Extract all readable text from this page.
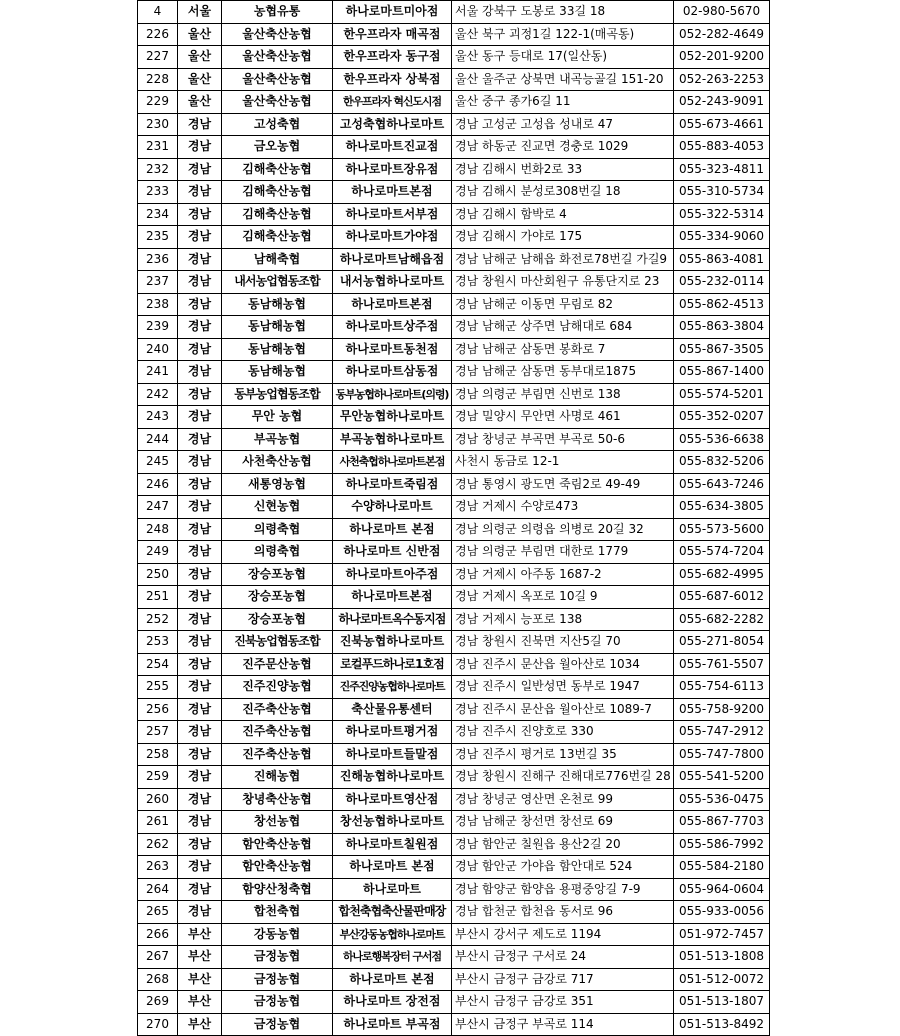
4	서울	농협유통	하나로마트미아점	서울 강북구 도봉로 33길 18	02-980-5670
226	울산	울산축산농협	한우프라자 매곡점	울산 북구 괴정1길 122-1(매곡동)	052-282-4649
227	울산	울산축산농협	한우프라자 동구점	울산 동구 등대로 17(일산동)	052-201-9200
228	울산	울산축산농협	한우프라자 상북점	울산 울주군 상북면 내곡능골길 151-20	052-263-2253
229	울산	울산축산농협	한우프라자 혁신도시점	울산 중구 종가6길 11	052-243-9091
230	경남	고성축협	고성축협하나로마트	경남 고성군 고성읍 성내로 47	055-673-4661
231	경남	금오농협	하나로마트진교점	경남 하동군 진교면 경충로 1029	055-883-4053
232	경남	김해축산농협	하나로마트장유점	경남 김해시 번화2로 33	055-323-4811
233	경남	김해축산농협	하나로마트본점	경남 김해시 분성로308번길 18	055-310-5734
234	경남	김해축산농협	하나로마트서부점	경남 김해시 함박로 4	055-322-5314
235	경남	김해축산농협	하나로마트가야점	경남 김해시 가야로 175	055-334-9060
236	경남	남해축협	하나로마트남해읍점	경남 남해군 남해읍 화전로78번길 가길9	055-863-4081
237	경남	내서농업협동조합	내서농협하나로마트	경남 창원시 마산회원구 유통단지로 23	055-232-0114
238	경남	동남해농협	하나로마트본점	경남 남해군 이동면 무림로 82	055-862-4513
239	경남	동남해농협	하나로마트상주점	경남 남해군 상주면 남해대로 684	055-863-3804
240	경남	동남해농협	하나로마트동천점	경남 남해군 삼동면 봉화로 7	055-867-3505
241	경남	동남해농협	하나로마트삼동점	경남 남해군 삼동면 동부대로1875	055-867-1400
242	경남	동부농업협동조합	동부농협하나로마트(의령)	경남 의령군 부림면 신번로 138	055-574-5201
243	경남	무안 농협	무안농협하나로마트	경남 밀양시 무안면 사명로 461	055-352-0207
244	경남	부곡농협	부곡농협하나로마트	경남 창녕군 부곡면 부곡로 50-6	055-536-6638
245	경남	사천축산농협	사천축협하나로마트본점	사천시 동금로 12-1	055-832-5206
246	경남	새통영농협	하나로마트죽림점	경남 통영시 광도면 죽림2로 49-49	055-643-7246
247	경남	신현농협	수양하나로마트	경남 거제시 수양로473	055-634-3805
248	경남	의령축협	하나로마트 본점	경남 의령군 의령읍 의병로 20길 32	055-573-5600
249	경남	의령축협	하나로마트 신반점	경남 의령군 부림면 대한로 1779	055-574-7204
250	경남	장승포농협	하나로마트아주점	경남 거제시 아주동 1687-2	055-682-4995
251	경남	장승포농협	하나로마트본점	경남 거제시 옥포로 10길 9	055-687-6012
252	경남	장승포농협	하나로마트옥수동지점	경남 거제시 능포로 138	055-682-2282
253	경남	진북농업협동조합	진북농협하나로마트	경남 창원시 진북면 지산5길 70	055-271-8054
254	경남	진주문산농협	로컬푸드하나로1호점	경남 진주시 문산읍 월아산로 1034	055-761-5507
255	경남	진주진양농협	진주진양농협하나로마트	경남 진주시 일반성면 동부로 1947	055-754-6113
256	경남	진주축산농협	축산물유통센터	경남 진주시 문산읍 월아산로 1089-7	055-758-9200
257	경남	진주축산농협	하나로마트평거점	경남 진주시 진양호로 330	055-747-2912
258	경남	진주축산농협	하나로마트들말점	경남 진주시 평거로 13번길 35	055-747-7800
259	경남	진해농협	진해농협하나로마트	경남 창원시 진해구 진해대로776번길 28	055-541-5200
260	경남	창녕축산농협	하나로마트영산점	경남 창녕군 영산면 온천로 99	055-536-0475
261	경남	창선농협	창선농협하나로마트	경남 남해군 창선면 창선로 69	055-867-7703
262	경남	함안축산농협	하나로마트칠원점	경남 함안군 칠원읍 용산2길 20	055-586-7992
263	경남	함안축산농협	하나로마트 본점	경남 함안군 가야읍 함안대로 524	055-584-2180
264	경남	함양산청축협	하나로마트	경남 함양군 함양읍 용평중앙길 7-9	055-964-0604
265	경남	합천축협	합천축협축산물판매장	경남 합천군 합천읍 동서로 96	055-933-0056
266	부산	강동농협	부산강동농협하나로마트	부산시 강서구 제도로 1194	051-972-7457
267	부산	금정농협	하나로행복장터 구서점	부산시 금정구 구서로 24	051-513-1808
268	부산	금정농협	하나로마트 본점	부산시 금정구 금강로 717	051-512-0072
269	부산	금정농협	하나로마트 장전점	부산시 금정구 금강로 351	051-513-1807
270	부산	금정농협	하나로마트 부곡점	부산시 금정구 부곡로 114	051-513-8492
